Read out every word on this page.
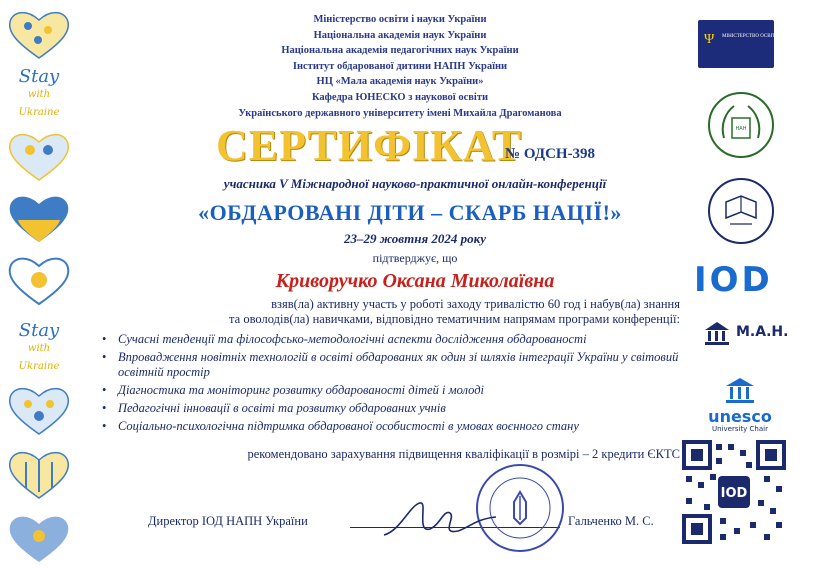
Stay
with Ukraine
Stay
with Ukraine
Міністерство освіти і науки України
Національна академія наук України
Національна академія педагогічних наук України
Інститут обдарованої дитини НАПН України
НЦ «Мала академія наук України»
Кафедра ЮНЕСКО з наукової освіти
Українського державного університету імені Михайла Драгоманова
СЕРТИФІКАТ
№ ОДСН-398
учасника V Міжнародної науково-практичної онлайн-конференції
«ОБДАРОВАНІ ДІТИ – СКАРБ НАЦІЇ!»
23–29 жовтня 2024 року
підтверджує, що
Криворучко Оксана Миколаївна
взяв(ла) активну участь у роботі заходу тривалістю 60 год і набув(ла) знання
та оволодів(ла) навичками, відповідно тематичним напрямам програми конференції:
• Сучасні тенденції та філософсько-методологічні аспекти дослідження обдарованості
• Впровадження новітніх технологій в освіті обдарованих як один зі шляхів інтеграції України у світовий освітній простір
• Діагностика та моніторинг розвитку обдарованості дітей і молоді
• Педагогічні інновації в освіті та розвитку обдарованих учнів
• Соціально-психологічна підтримка обдарованої особистості в умовах воєнного стану
рекомендовано зарахування підвищення кваліфікації в розмірі – 2 кредити ЄКТС
Директор ІОД НАПН України	Гальченко М. С.
Ψ МІНІСТЕРСТВО ОСВІТИ І НАУКИ УКРАЇНИ
НАН
IOD
М.А.Н.
unesco
University Chair
IOD
